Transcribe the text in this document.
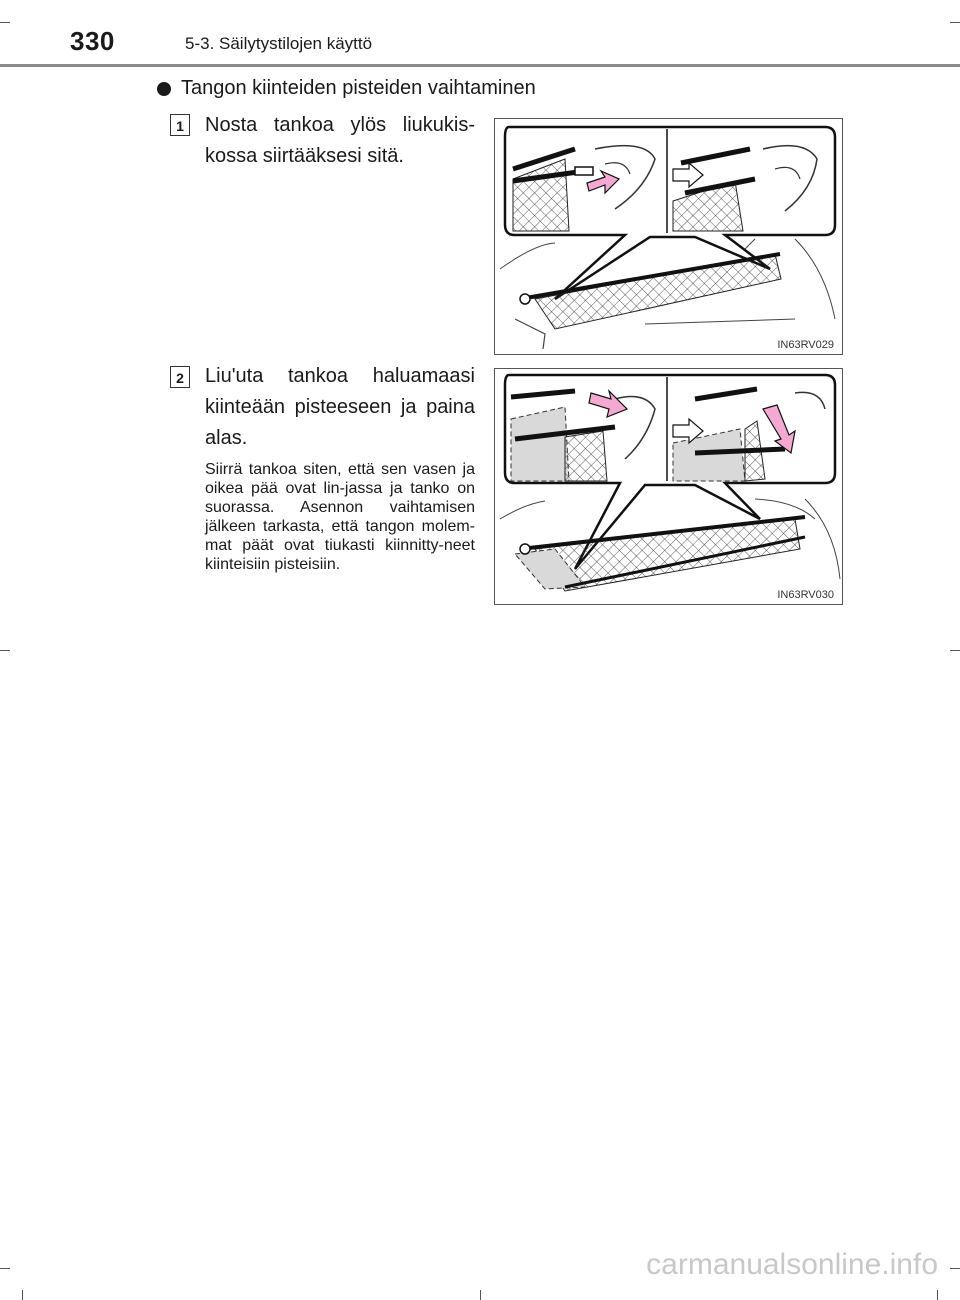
330	5-3. Säilytystilojen käyttö
Tangon kiinteiden pisteiden vaihtaminen
1	Nosta tankoa ylös liukukis-kossa siirtääksesi sitä.
IN63RV029
2	Liu'uta tankoa haluamaasi kiinteään pisteeseen ja paina alas.
Siirrä tankoa siten, että sen vasen ja oikea pää ovat lin-jassa ja tanko on suorassa. Asennon vaihtamisen jälkeen tarkasta, että tangon molem-mat päät ovat tiukasti kiinnitty-neet kiinteisiin pisteisiin.
IN63RV030
carmanualsonline.info
